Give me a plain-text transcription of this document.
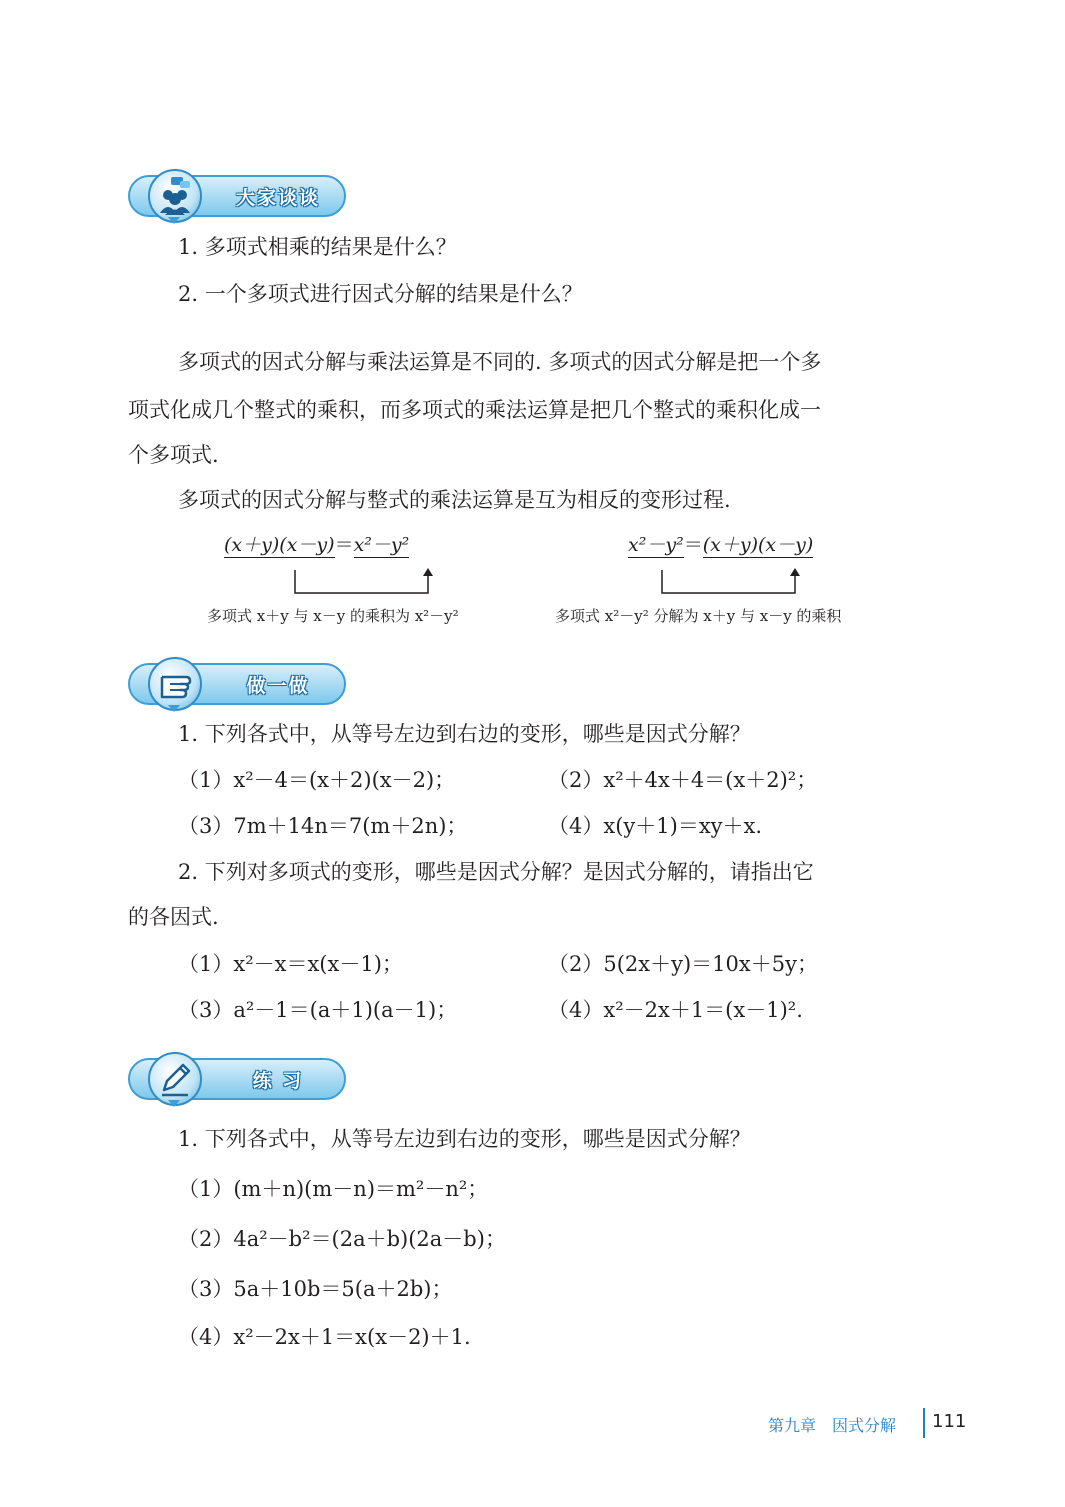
大家谈谈
1. 多项式相乘的结果是什么？
2. 一个多项式进行因式分解的结果是什么？
多项式的因式分解与乘法运算是不同的. 多项式的因式分解是把一个多
项式化成几个整式的乘积，而多项式的乘法运算是把几个整式的乘积化成一
个多项式.
多项式的因式分解与整式的乘法运算是互为相反的变形过程.
(x＋y)(x－y)＝x²－y²
多项式 x＋y 与 x－y 的乘积为 x²－y²
x²－y²＝(x＋y)(x－y)
多项式 x²－y² 分解为 x＋y 与 x－y 的乘积
做一做
1. 下列各式中，从等号左边到右边的变形，哪些是因式分解？
（1）x²－4＝(x＋2)(x－2)；	（2）x²＋4x＋4＝(x＋2)²；
（3）7m＋14n＝7(m＋2n)；	（4）x(y＋1)＝xy＋x.
2. 下列对多项式的变形，哪些是因式分解？是因式分解的，请指出它
的各因式.
（1）x²－x＝x(x－1)；	（2）5(2x＋y)＝10x＋5y；
（3）a²－1＝(a＋1)(a－1)；	（4）x²－2x＋1＝(x－1)².
练 习
1. 下列各式中，从等号左边到右边的变形，哪些是因式分解？
（1）(m＋n)(m－n)＝m²－n²；
（2）4a²－b²＝(2a＋b)(2a－b)；
（3）5a＋10b＝5(a＋2b)；
（4）x²－2x＋1＝x(x－2)＋1.
第九章　因式分解 111
